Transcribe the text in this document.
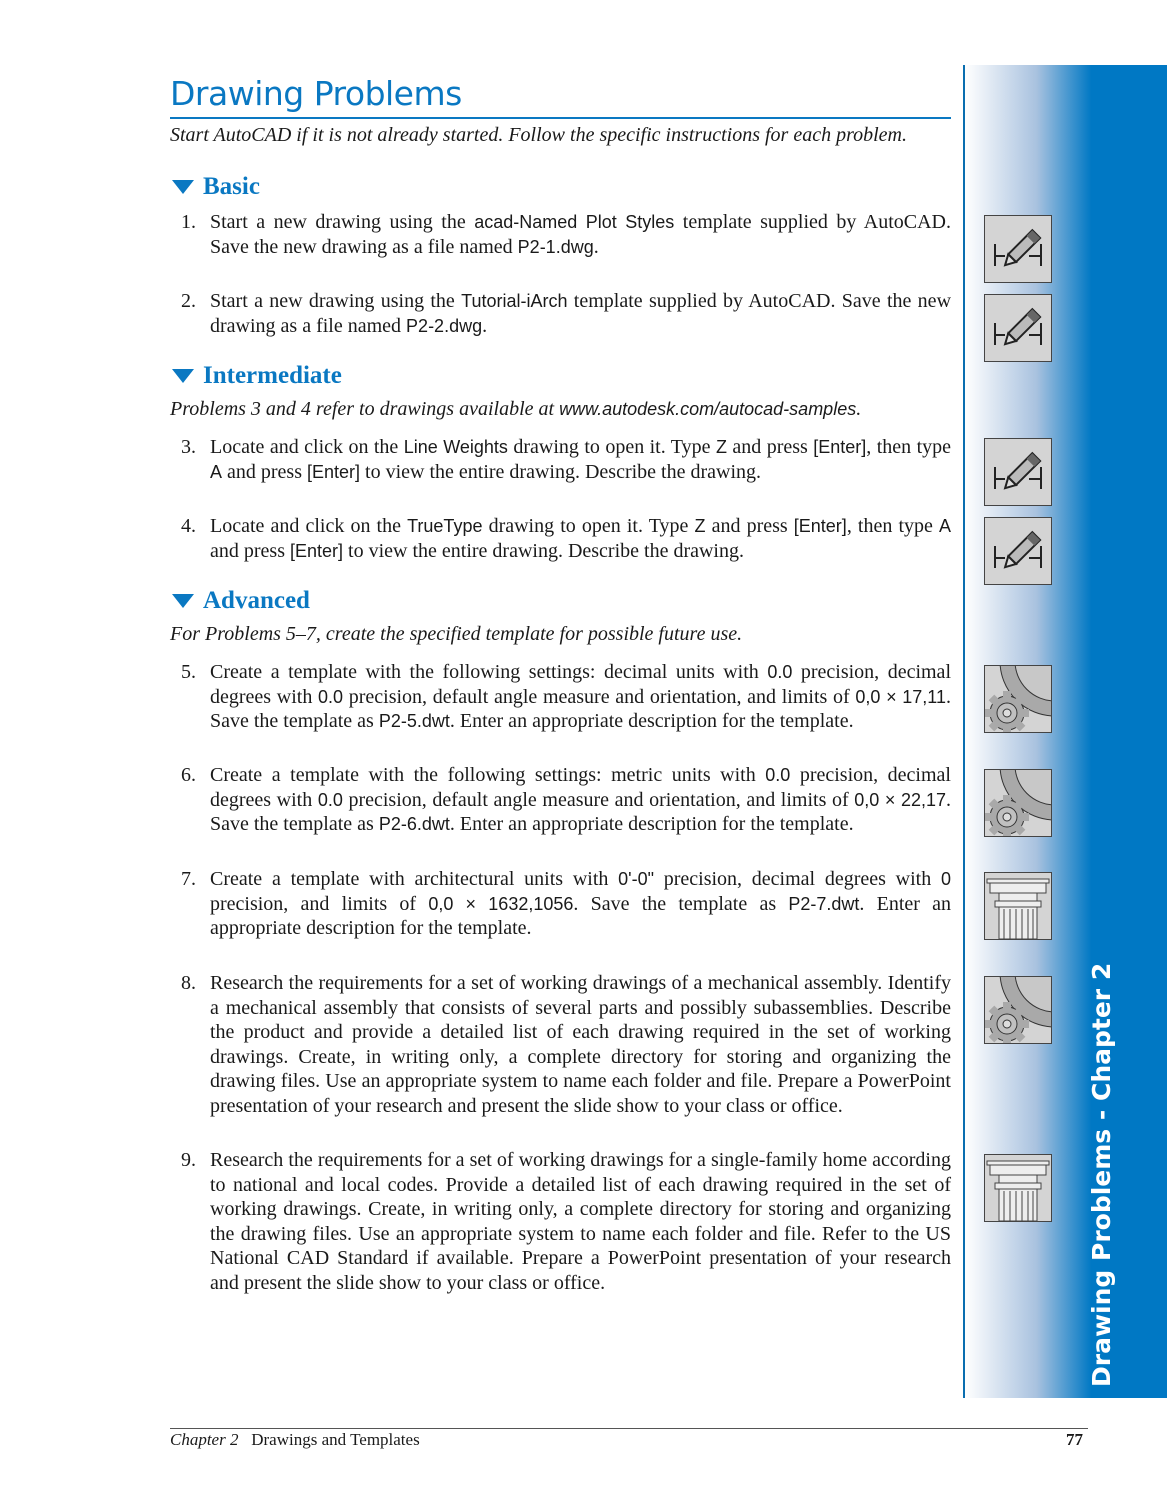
Drawing Problems
Start AutoCAD if it is not already started. Follow the specific instructions for each problem.
Basic
Intermediate
Problems 3 and 4 refer to drawings available at www.autodesk.com/autocad-samples.
Advanced
For Problems 5–7, create the specified template for possible future use.
1. Start a new drawing using the acad-Named Plot Styles template supplied by AutoCAD. Save the new drawing as a file named P2-1.dwg.
2. Start a new drawing using the Tutorial-iArch template supplied by AutoCAD. Save the new drawing as a file named P2-2.dwg.
3. Locate and click on the Line Weights drawing to open it. Type Z and press [Enter], then type A and press [Enter] to view the entire drawing. Describe the drawing.
4. Locate and click on the TrueType drawing to open it. Type Z and press [Enter], then type A and press [Enter] to view the entire drawing. Describe the drawing.
5. Create a template with the following settings: decimal units with 0.0 precision, decimal degrees with 0.0 precision, default angle measure and orientation, and limits of 0,0 × 17,11. Save the template as P2-5.dwt. Enter an appropriate description for the template.
6. Create a template with the following settings: metric units with 0.0 precision, decimal degrees with 0.0 precision, default angle measure and orientation, and limits of 0,0 × 22,17. Save the template as P2-6.dwt. Enter an appropriate description for the template.
7. Create a template with architectural units with 0'-0" precision, decimal degrees with 0 precision, and limits of 0,0 × 1632,1056. Save the template as P2-7.dwt. Enter an appropriate description for the template.
8. Research the requirements for a set of working drawings of a mechanical assembly. Identify a mechanical assembly that consists of several parts and possibly subassemblies. Describe the product and provide a detailed list of each drawing required in the set of working drawings. Create, in writing only, a complete directory for storing and organizing the drawing files. Use an appropriate system to name each folder and file. Prepare a PowerPoint presentation of your research and present the slide show to your class or office.
9. Research the requirements for a set of working drawings for a single-family home according to national and local codes. Provide a detailed list of each drawing required in the set of working drawings. Create, in writing only, a complete directory for storing and organizing the drawing files. Use an appropriate system to name each folder and file. Refer to the US National CAD Standard if available. Prepare a PowerPoint presentation of your research and present the slide show to your class or office.	Drawing Problems - Chapter 2
Chapter 2 Drawings and Templates	77
